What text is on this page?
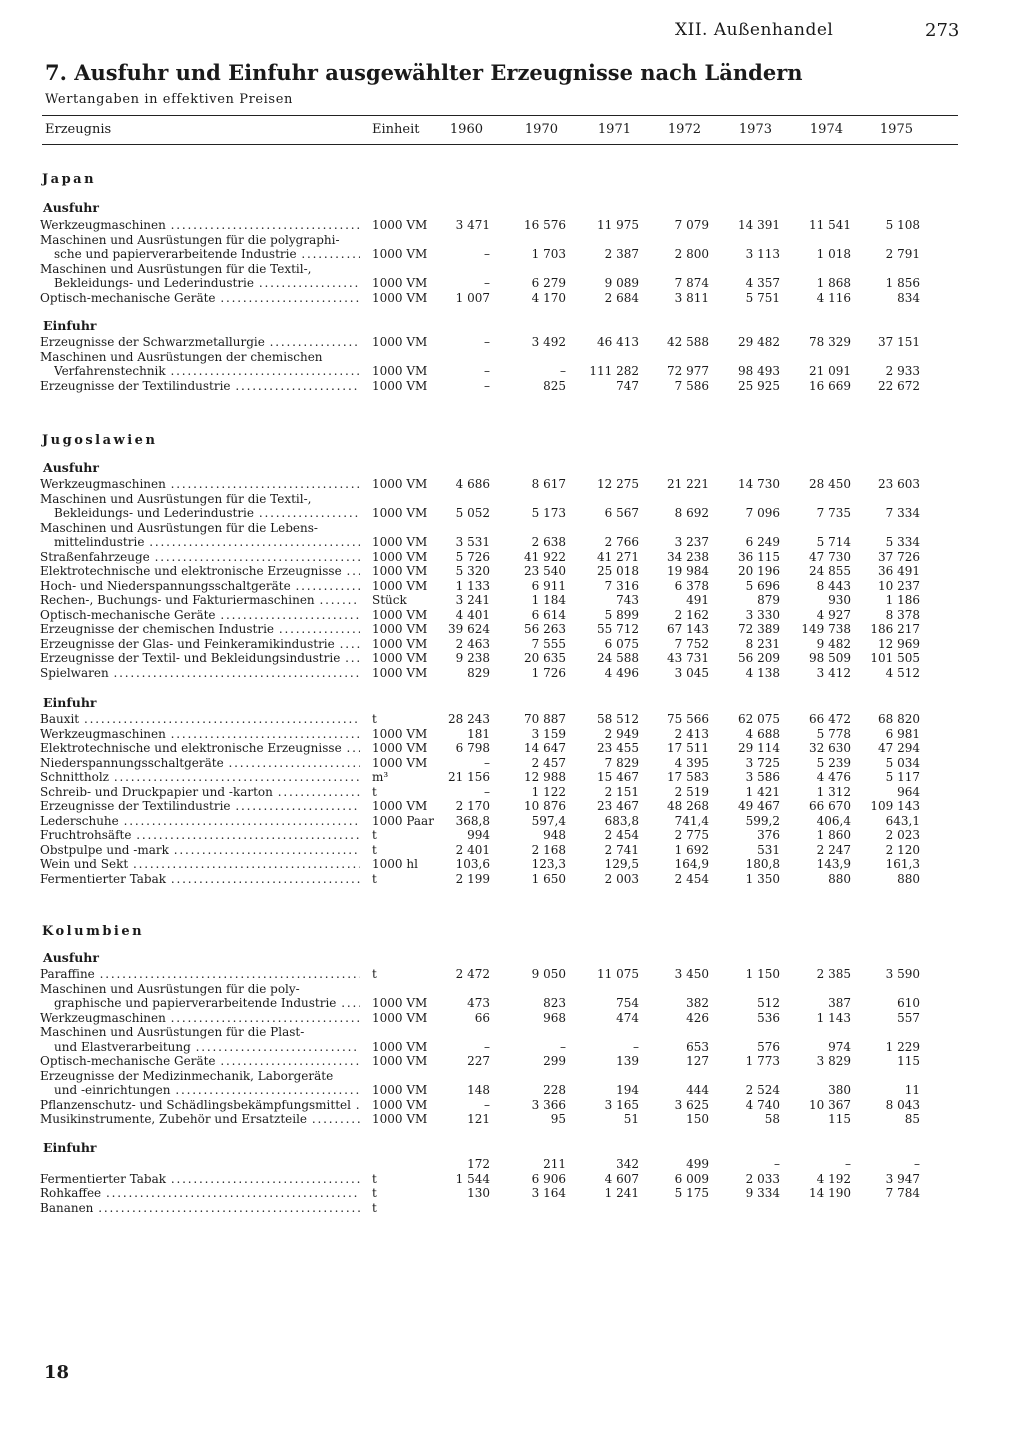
XII. Außenhandel	273
7. Ausfuhr und Einfuhr ausgewählter Erzeugnisse nach Ländern
Wertangaben in effektiven Preisen
Erzeugnis	Einheit	1960	1970	1971	1972	1973	1974	1975
Japan
Ausfuhr
Werkzeugmaschinen . . .	1000 VM	3 471	16 576	11 975	7 079	14 391	11 541	5 108
Maschinen und Ausrüstungen für die polygraphi-
sche und papierverarbeitende Industrie . . .	1000 VM	–	1 703	2 387	2 800	3 113	1 018	2 791
Maschinen und Ausrüstungen für die Textil-,
Bekleidungs- und Lederindustrie . . .	1000 VM	–	6 279	9 089	7 874	4 357	1 868	1 856
Optisch-mechanische Geräte . . .	1000 VM	1 007	4 170	2 684	3 811	5 751	4 116	834
Einfuhr
Erzeugnisse der Schwarzmetallurgie . . .	1000 VM	–	3 492	46 413	42 588	29 482	78 329	37 151
Maschinen und Ausrüstungen der chemischen
Verfahrenstechnik . . .	1000 VM	–	–	111 282	72 977	98 493	21 091	2 933
Erzeugnisse der Textilindustrie . . .	1000 VM	–	825	747	7 586	25 925	16 669	22 672
Jugoslawien
Ausfuhr
Werkzeugmaschinen . . .	1000 VM	4 686	8 617	12 275	21 221	14 730	28 450	23 603
Maschinen und Ausrüstungen für die Textil-,
Bekleidungs- und Lederindustrie . . .	1000 VM	5 052	5 173	6 567	8 692	7 096	7 735	7 334
Maschinen und Ausrüstungen für die Lebens-
mittelindustrie . . .	1000 VM	3 531	2 638	2 766	3 237	6 249	5 714	5 334
Straßenfahrzeuge . . .	1000 VM	5 726	41 922	41 271	34 238	36 115	47 730	37 726
Elektrotechnische und elektronische Erzeugnisse . . .	1000 VM	5 320	23 540	25 018	19 984	20 196	24 855	36 491
Hoch- und Niederspannungsschaltgeräte . . .	1000 VM	1 133	6 911	7 316	6 378	5 696	8 443	10 237
Rechen-, Buchungs- und Fakturiermaschinen . . .	Stück	3 241	1 184	743	491	879	930	1 186
Optisch-mechanische Geräte . . .	1000 VM	4 401	6 614	5 899	2 162	3 330	4 927	8 378
Erzeugnisse der chemischen Industrie . . .	1000 VM	39 624	56 263	55 712	67 143	72 389	149 738	186 217
Erzeugnisse der Glas- und Feinkeramikindustrie . . .	1000 VM	2 463	7 555	6 075	7 752	8 231	9 482	12 969
Erzeugnisse der Textil- und Bekleidungsindustrie . . .	1000 VM	9 238	20 635	24 588	43 731	56 209	98 509	101 505
Spielwaren . . .	1000 VM	829	1 726	4 496	3 045	4 138	3 412	4 512
Einfuhr
Bauxit . . .	t	28 243	70 887	58 512	75 566	62 075	66 472	68 820
Werkzeugmaschinen . . .	1000 VM	181	3 159	2 949	2 413	4 688	5 778	6 981
Elektrotechnische und elektronische Erzeugnisse . . .	1000 VM	6 798	14 647	23 455	17 511	29 114	32 630	47 294
Niederspannungsschaltgeräte . . .	1000 VM	–	2 457	7 829	4 395	3 725	5 239	5 034
Schnittholz . . .	m³	21 156	12 988	15 467	17 583	3 586	4 476	5 117
Schreib- und Druckpapier und -karton . . .	t	–	1 122	2 151	2 519	1 421	1 312	964
Erzeugnisse der Textilindustrie . . .	1000 VM	2 170	10 876	23 467	48 268	49 467	66 670	109 143
Lederschuhe . . .	1000 Paar	368,8	597,4	683,8	741,4	599,2	406,4	643,1
Fruchtrohsäfte . . .	t	994	948	2 454	2 775	376	1 860	2 023
Obstpulpe und -mark . . .	t	2 401	2 168	2 741	1 692	531	2 247	2 120
Wein und Sekt . . .	1000 hl	103,6	123,3	129,5	164,9	180,8	143,9	161,3
Fermentierter Tabak . . .	t	2 199	1 650	2 003	2 454	1 350	880	880
Kolumbien
Ausfuhr
Paraffine . . .	t	2 472	9 050	11 075	3 450	1 150	2 385	3 590
Maschinen und Ausrüstungen für die poly-
graphische und papierverarbeitende Industrie . . .	1000 VM	473	823	754	382	512	387	610
Werkzeugmaschinen . . .	1000 VM	66	968	474	426	536	1 143	557
Maschinen und Ausrüstungen für die Plast-
und Elastverarbeitung . . .	1000 VM	–	–	–	653	576	974	1 229
Optisch-mechanische Geräte . . .	1000 VM	227	299	139	127	1 773	3 829	115
Erzeugnisse der Medizinmechanik, Laborgeräte
und -einrichtungen . . .	1000 VM	148	228	194	444	2 524	380	11
Pflanzenschutz- und Schädlingsbekämpfungsmittel . . .	1000 VM	–	3 366	3 165	3 625	4 740	10 367	8 043
Musikinstrumente, Zubehör und Ersatzteile . . .	1000 VM	121	95	51	150	58	115	85
Einfuhr
172	211	342	499	–	–	–
Fermentierter Tabak . . .	t	1 544	6 906	4 607	6 009	2 033	4 192	3 947
Rohkaffee . . .	t	130	3 164	1 241	5 175	9 334	14 190	7 784
Bananen . . .	t
18
